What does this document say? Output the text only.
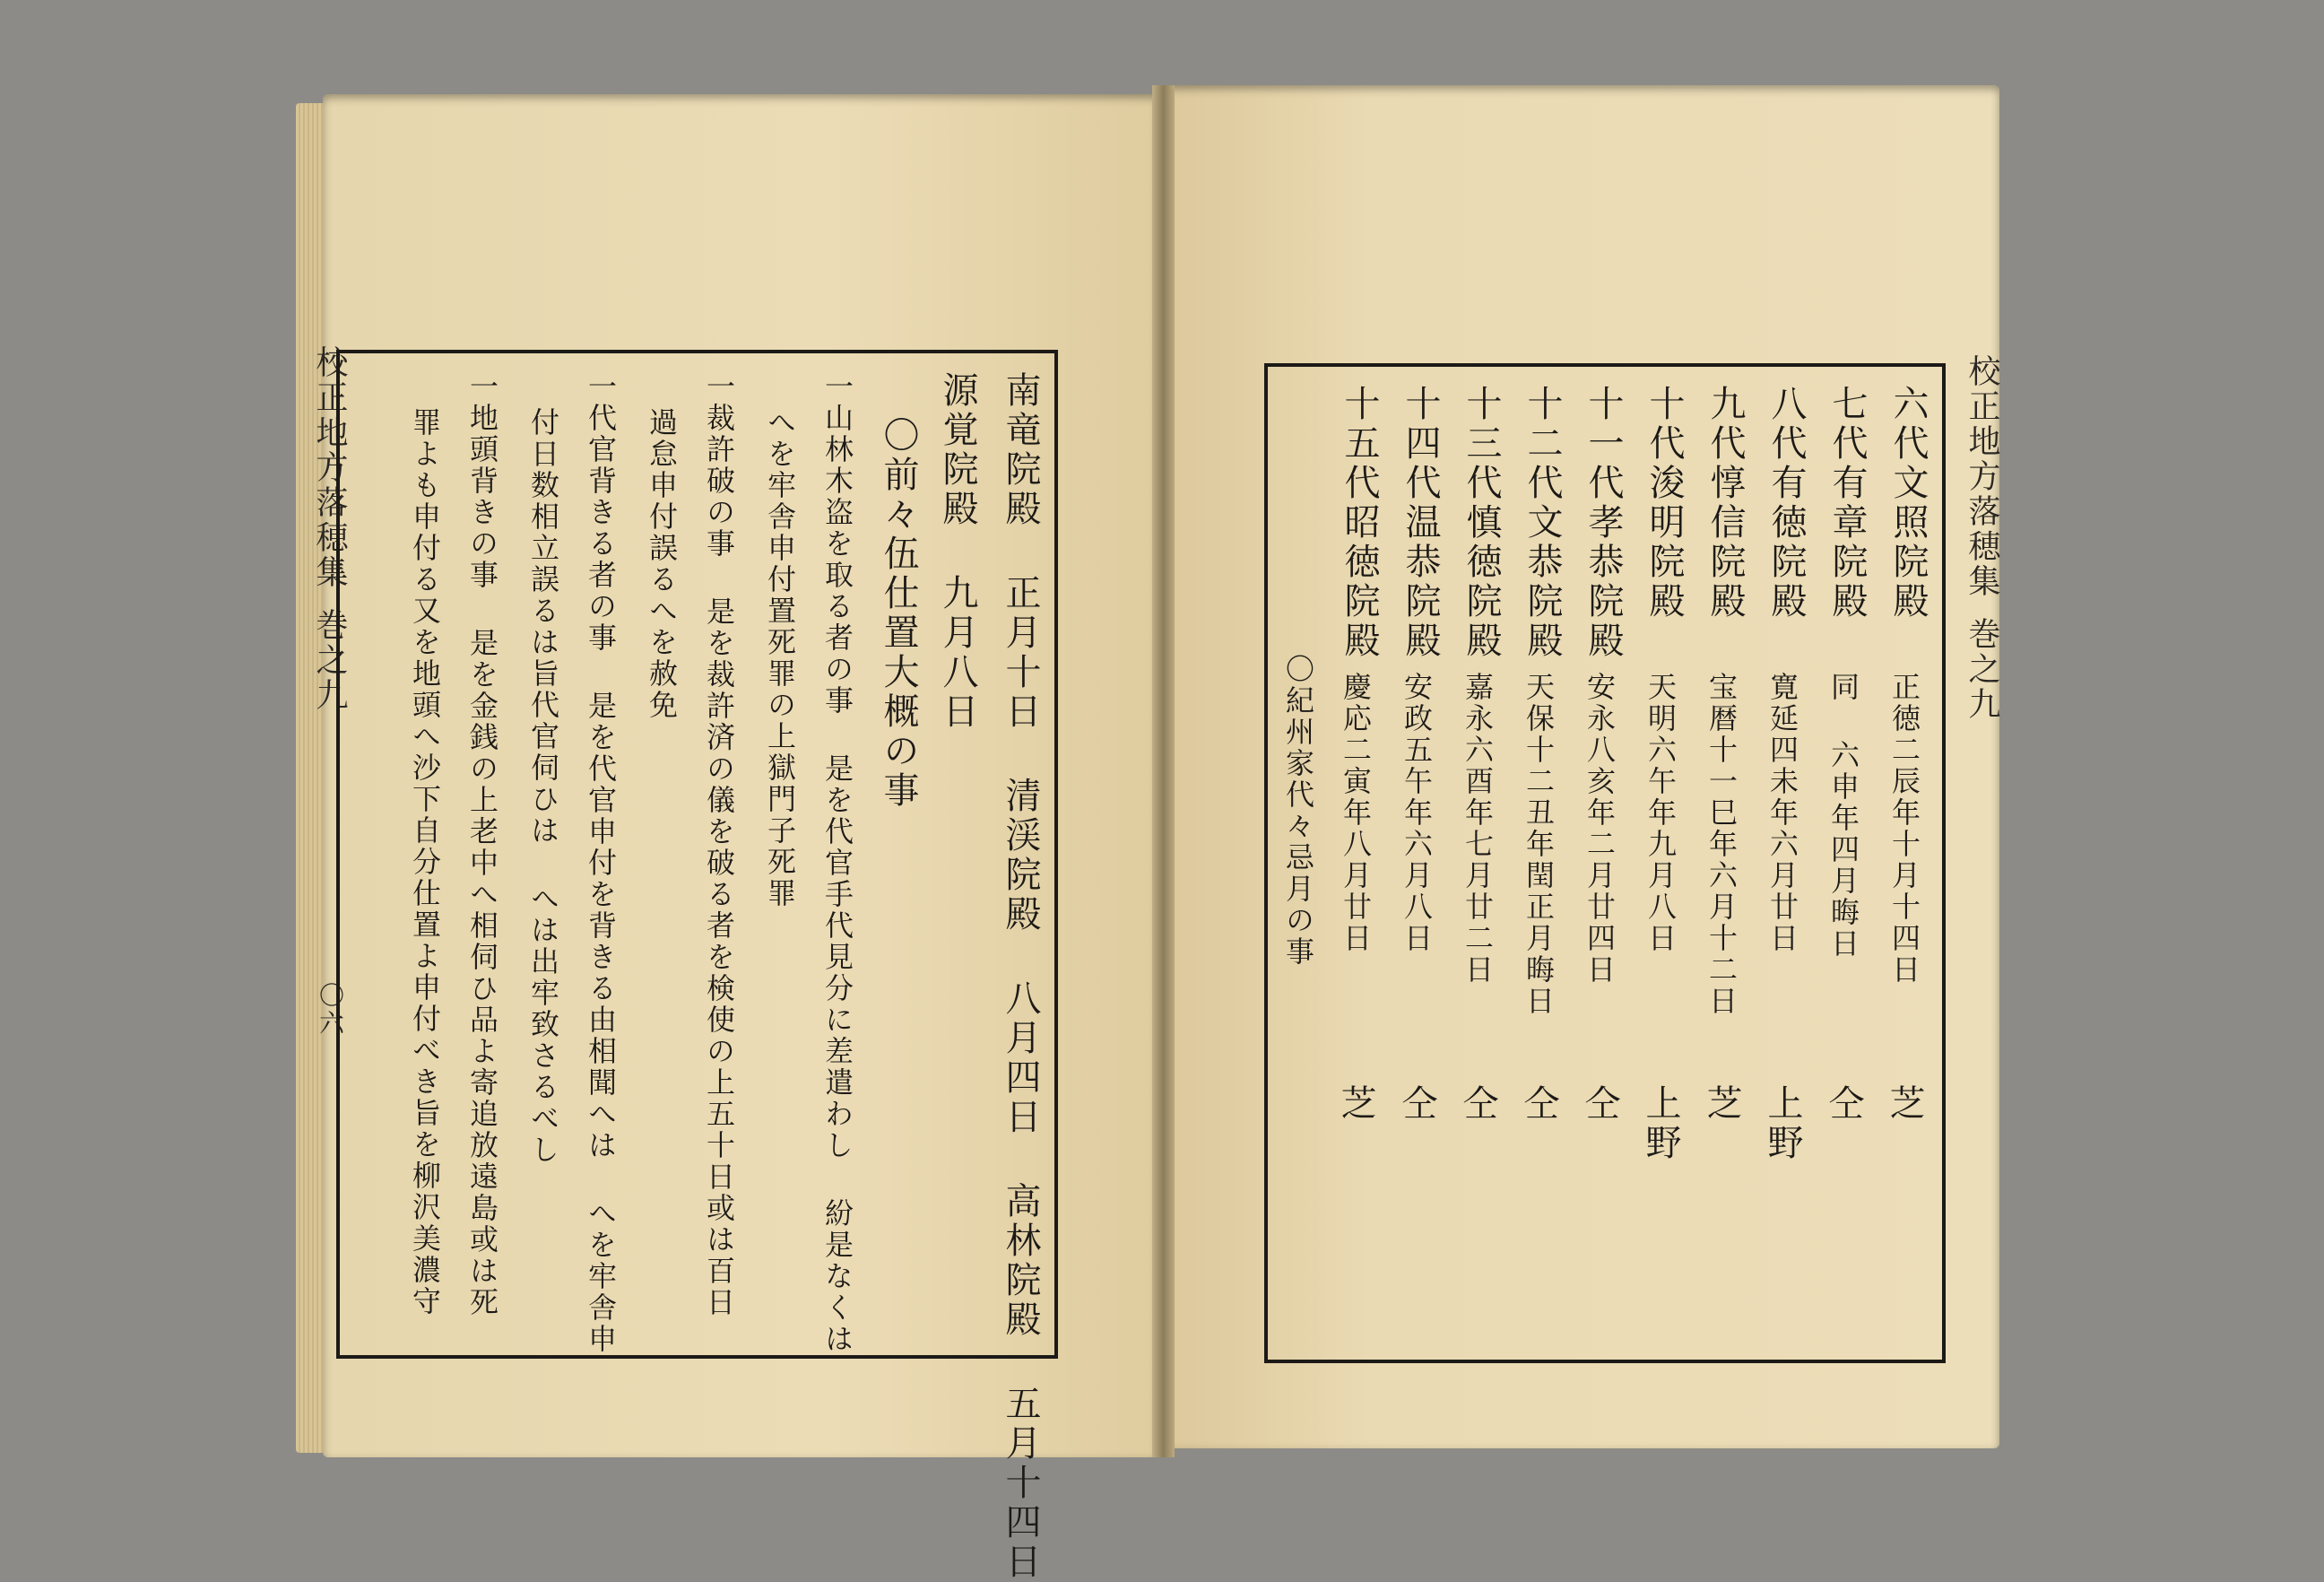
校正地方落穂集巻之九
〇六	南竜院殿 正月十日 清渓院殿 八月四日 高林院殿 五月十四日
源覚院殿 九月八日
〇前々伍仕置大概の事
一山林木盗を取る者の事 是を代官手代見分に差遣わし 紛是なくは
へを牢舎申付置死罪の上獄門子死罪
一裁許破の事 是を裁許済の儀を破る者を検使の上五十日或は百日
過怠申付誤るへを赦免
一代官背きる者の事 是を代官申付を背きる由相聞へは へを牢舎申
付日数相立誤るは旨代官伺ひは へは出牢致さるべし
一地頭背きの事 是を金銭の上老中へ相伺ひ品よ寄追放遠島或は死
罪よも申付る又を地頭へ沙下自分仕置よ申付べき旨を柳沢美濃守	校正地方落穂集巻之九
六代文照院殿
正徳二辰年十月十四日
芝
七代有章院殿
同 六申年四月晦日
仝
八代有徳院殿
寛延四未年六月廿日
上野
九代惇信院殿
宝暦十一巳年六月十二日
芝
十代浚明院殿
天明六午年九月八日
上野
十一代孝恭院殿
安永八亥年二月廿四日
仝
十二代文恭院殿
天保十二丑年閏正月晦日
仝
十三代慎徳院殿
嘉永六酉年七月廿二日
仝
十四代温恭院殿
安政五午年六月八日
仝
十五代昭徳院殿
慶応二寅年八月廿日
芝
〇紀州家代々忌月の事
